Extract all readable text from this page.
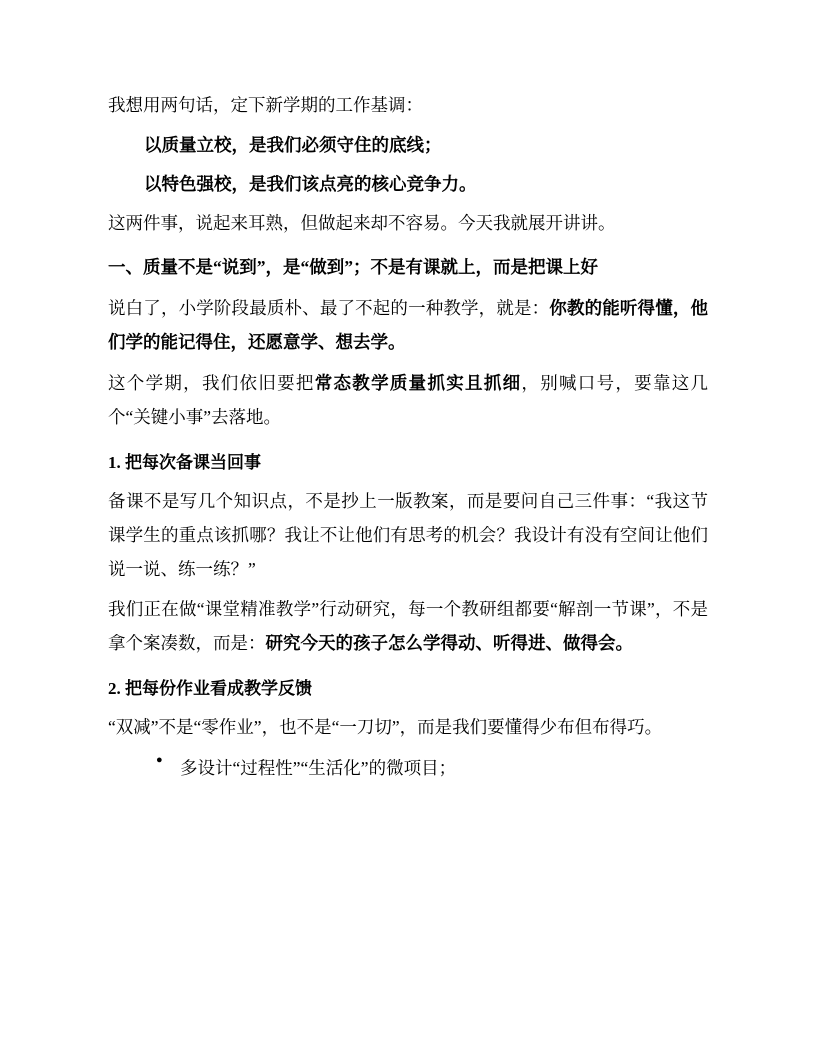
我想用两句话，定下新学期的工作基调：

以质量立校，是我们必须守住的底线；

以特色强校，是我们该点亮的核心竞争力。

这两件事，说起来耳熟，但做起来却不容易。今天我就展开讲讲。

一、质量不是“说到”，是“做到”；不是有课就上，而是把课上好

说白了，小学阶段最质朴、最了不起的一种教学，就是：你教的能听得懂，他们学的能记得住，还愿意学、想去学。

这个学期，我们依旧要把常态教学质量抓实且抓细，别喊口号，要靠这几个“关键小事”去落地。

1. 把每次备课当回事

备课不是写几个知识点，不是抄上一版教案，而是要问自己三件事：“我这节课学生的重点该抓哪？我让不让他们有思考的机会？我设计有没有空间让他们说一说、练一练？”

我们正在做“课堂精准教学”行动研究，每一个教研组都要“解剖一节课”，不是拿个案凑数，而是：研究今天的孩子怎么学得动、听得进、做得会。

2. 把每份作业看成教学反馈

“双减”不是“零作业”，也不是“一刀切”，而是我们要懂得少布但布得巧。

● 多设计“过程性”“生活化”的微项目；
